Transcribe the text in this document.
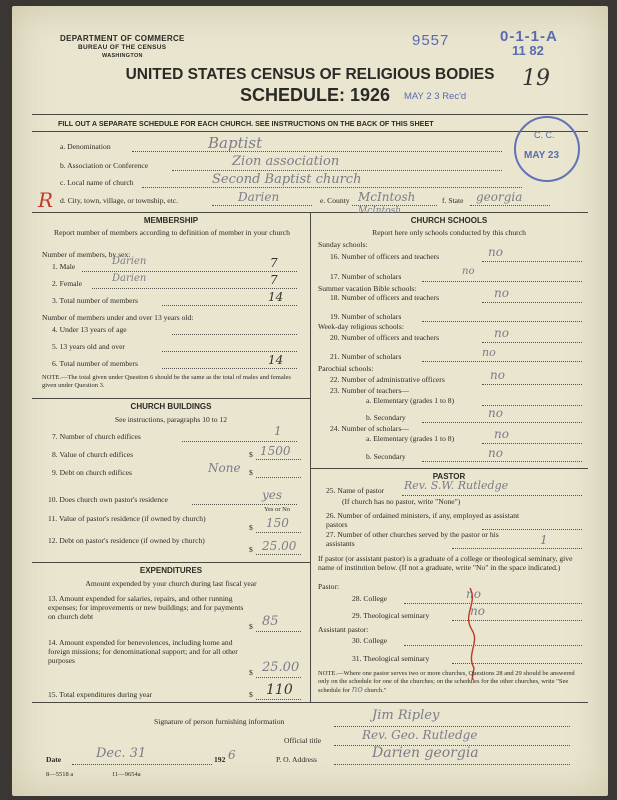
DEPARTMENT OF COMMERCE
BUREAU OF THE CENSUS
WASHINGTON
9557	0-1-1-A
11 82
19
UNITED STATES CENSUS OF RELIGIOUS BODIES
SCHEDULE: 1926 MAY 2 3 Rec'd
FILL OUT A SEPARATE SCHEDULE FOR EACH CHURCH. SEE INSTRUCTIONS ON THE BACK OF THIS SHEET
C. C.
MAY 23
R
a. Denomination	Baptist
b. Association or Conference	Zion association
c. Local name of church	Second Baptist church
d. City, town, village, or township, etc.	Darien	e. County McIntosh	f. State georgia
MEMBERSHIP
Report number of members according to definition of member in your church
Number of members, by sex:
1. Male	Darien	7
2. Female	Darien	7
3. Total number of members	14
Number of members under and over 13 years old:
4. Under 13 years of age
5. 13 years old and over
6. Total number of members	14
NOTE.—The total given under Question 6 should be the same as the total of males and females given under Question 3.
CHURCH BUILDINGS
See instructions, paragraphs 10 to 12
7. Number of church edifices	1
8. Value of church edifices	$ 1500
9. Debt on church edifices	None $
10. Does church own pastor's residence	yes
Yes or No
11. Value of pastor's residence (if owned by church)
$ 150
12. Debt on pastor's residence (if owned by church)
$ 25.00
EXPENDITURES
Amount expended by your church during last fiscal year
13. Amount expended for salaries, repairs, and other running expenses; for improvements or new buildings; and for payments on church debt
$ 85
14. Amount expended for benevolences, including home and foreign missions; for denominational support; and for all other purposes
$ 25.00
15. Total expenditures during year	$ 110
McIntosh
CHURCH SCHOOLS
Report here only schools conducted by this church
Sunday schools:
16. Number of officers and teachers	no
17. Number of scholars	no
Summer vacation Bible schools:
18. Number of officers and teachers	no
19. Number of scholars
Week-day religious schools:
20. Number of officers and teachers	no
21. Number of scholars	no
Parochial schools:
22. Number of administrative officers	no
23. Number of teachers—
a. Elementary (grades 1 to 8)
b. Secondary	no
24. Number of scholars—
a. Elementary (grades 1 to 8)	no
b. Secondary	no
PASTOR
25. Name of pastor Rev. S.W. Rutledge
(If church has no pastor, write "None")
26. Number of ordained ministers, if any, employed as assistant pastors
27. Number of other churches served by the pastor or his assistants	1
If pastor (or assistant pastor) is a graduate of a college or theological seminary, give name of institution below. (If not a graduate, write "No" in the space indicated.)
Pastor:
28. College	no
29. Theological seminary	no
Assistant pastor:
30. College
31. Theological seminary
NOTE.—Where one pastor serves two or more churches, Questions 28 and 29 should be answered only on the schedule for one of the churches; on the schedules for the other churches, write "See schedule for no church."
Signature of person furnishing information	Jim Ripley
Official title	Rev. Geo. Rutledge
Date	Dec. 31	192 6	P. O. Address	Darien georgia
8—5518 a	11—9654a
